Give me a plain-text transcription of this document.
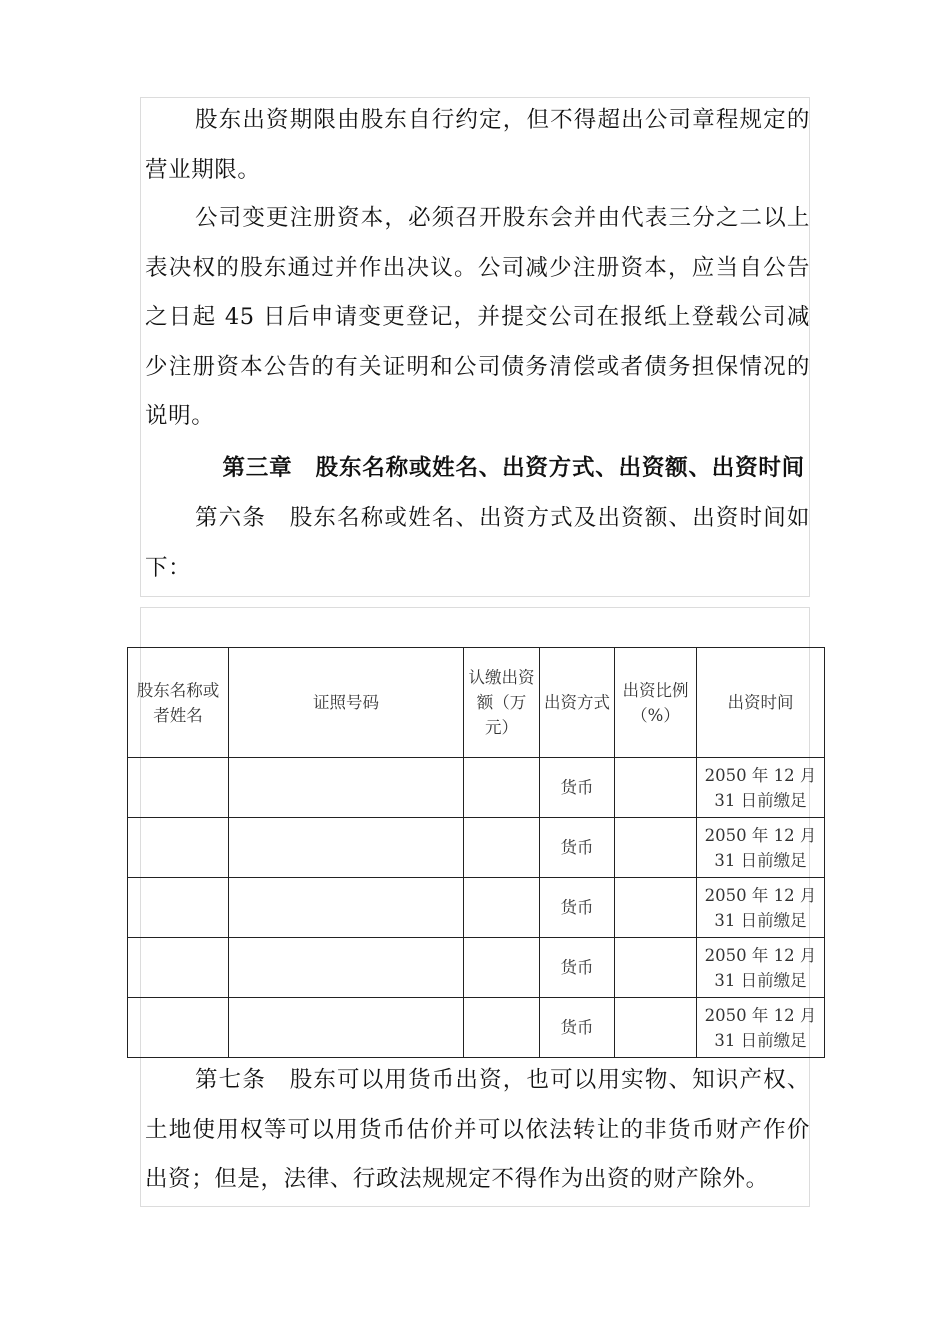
股东出资期限由股东自行约定，但不得超出公司章程规定的营业期限。

公司变更注册资本，必须召开股东会并由代表三分之二以上表决权的股东通过并作出决议。公司减少注册资本，应当自公告之日起 45 日后申请变更登记，并提交公司在报纸上登载公司减少注册资本公告的有关证明和公司债务清偿或者债务担保情况的说明。

第三章　股东名称或姓名、出资方式、出资额、出资时间

第六条　股东名称或姓名、出资方式及出资额、出资时间如下：

股东名称或者姓名	证照号码	认缴出资额（万元）	出资方式	出资比例（%）	出资时间
			货币		2050 年 12 月 31 日前缴足
			货币		2050 年 12 月 31 日前缴足
			货币		2050 年 12 月 31 日前缴足
			货币		2050 年 12 月 31 日前缴足
			货币		2050 年 12 月 31 日前缴足

第七条　股东可以用货币出资，也可以用实物、知识产权、土地使用权等可以用货币估价并可以依法转让的非货币财产作价出资；但是，法律、行政法规规定不得作为出资的财产除外。
